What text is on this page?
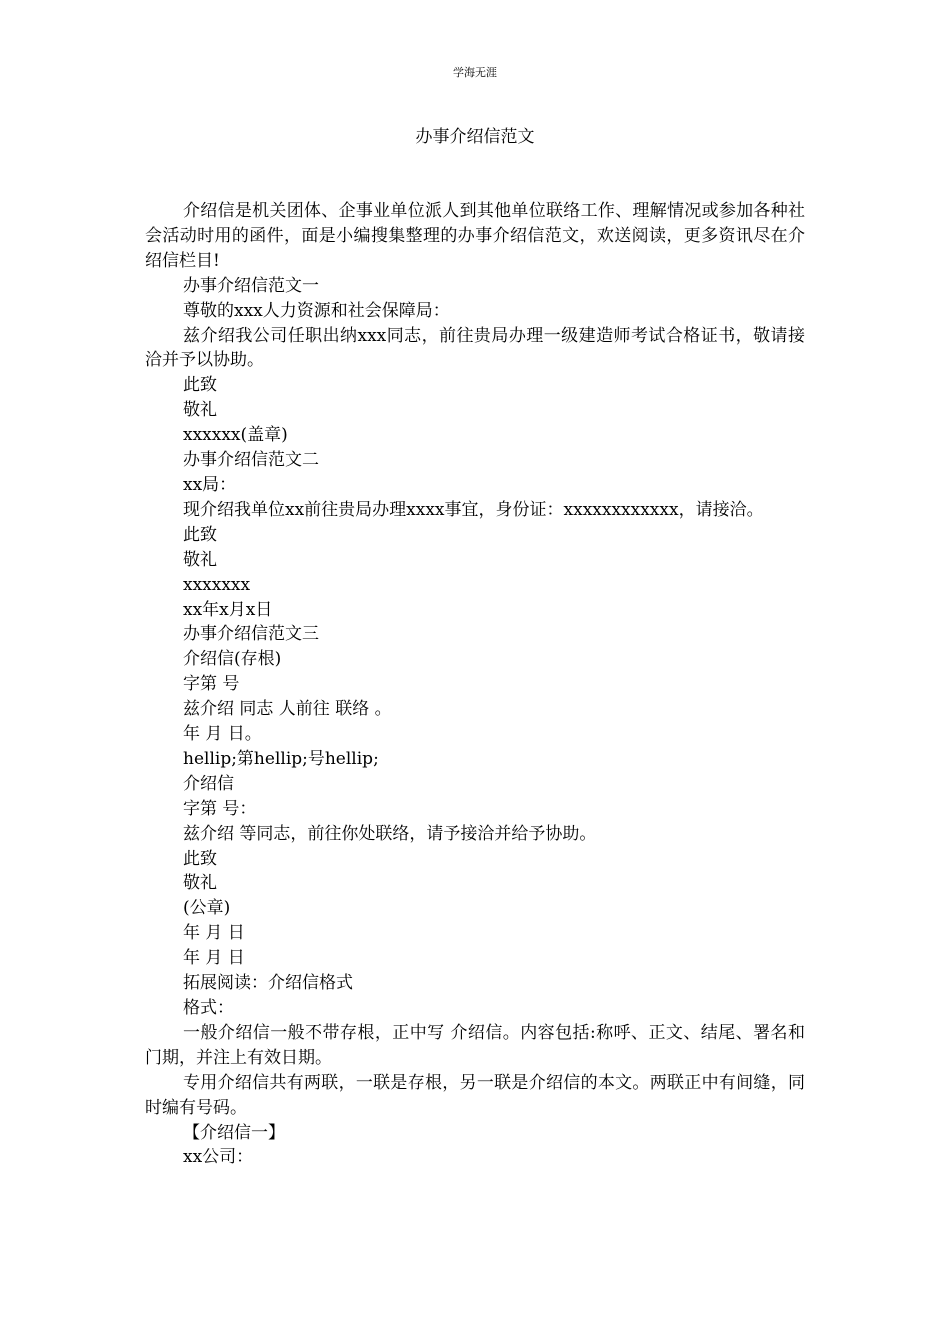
学海无涯
办事介绍信范文

介绍信是机关团体、企事业单位派人到其他单位联络工作、理解情况或参加各种社会活动时用的函件，面是小编搜集整理的办事介绍信范文，欢送阅读，更多资讯尽在介绍信栏目!

办事介绍信范文一

尊敬的xxx人力资源和社会保障局：

兹介绍我公司任职出纳xxx同志，前往贵局办理一级建造师考试合格证书，敬请接洽并予以协助。

此致

敬礼

xxxxxx(盖章)

办事介绍信范文二

xx局：

现介绍我单位xx前往贵局办理xxxx事宜，身份证：xxxxxxxxxxxx，请接洽。

此致

敬礼

xxxxxxx

xx年x月x日

办事介绍信范文三

介绍信(存根)

字第 号

兹介绍 同志 人前往 联络 。

年 月 日。

hellip;第hellip;号hellip;

介绍信

字第 号：

兹介绍 等同志，前往你处联络，请予接洽并给予协助。

此致

敬礼

(公章)

年 月 日

年 月 日

拓展阅读：介绍信格式

格式：

一般介绍信一般不带存根，正中写 介绍信。内容包括:称呼、正文、结尾、署名和门期，并注上有效日期。

专用介绍信共有两联，一联是存根，另一联是介绍信的本文。两联正中有间缝，同时编有号码。

【介绍信一】

xx公司：
